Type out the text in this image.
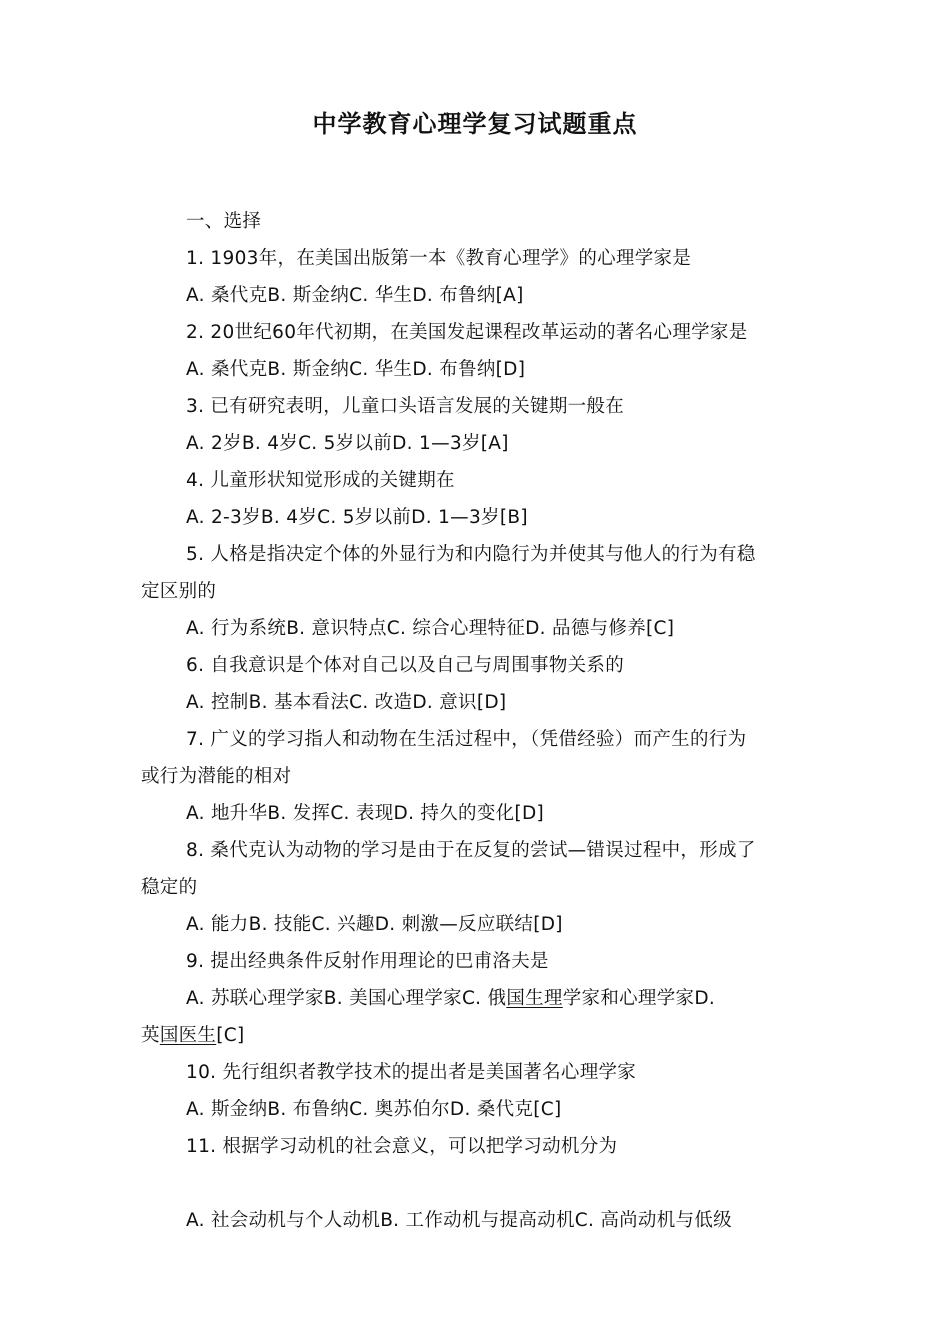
中学教育心理学复习试题重点
一、选择
1. 1903年，在美国出版第一本《教育心理学》的心理学家是
A. 桑代克B. 斯金纳C. 华生D. 布鲁纳[A]
2. 20世纪60年代初期，在美国发起课程改革运动的著名心理学家是
A. 桑代克B. 斯金纳C. 华生D. 布鲁纳[D]
3. 已有研究表明，儿童口头语言发展的关键期一般在
A. 2岁B. 4岁C. 5岁以前D. 1—3岁[A]
4. 儿童形状知觉形成的关键期在
A. 2-3岁B. 4岁C. 5岁以前D. 1—3岁[B]
5. 人格是指决定个体的外显行为和内隐行为并使其与他人的行为有稳
定区别的
A. 行为系统B. 意识特点C. 综合心理特征D. 品德与修养[C]
6. 自我意识是个体对自己以及自己与周围事物关系的
A. 控制B. 基本看法C. 改造D. 意识[D]
7. 广义的学习指人和动物在生活过程中，（凭借经验）而产生的行为
或行为潜能的相对
A. 地升华B. 发挥C. 表现D. 持久的变化[D]
8. 桑代克认为动物的学习是由于在反复的尝试—错误过程中，形成了
稳定的
A. 能力B. 技能C. 兴趣D. 刺激—反应联结[D]
9. 提出经典条件反射作用理论的巴甫洛夫是
A. 苏联心理学家B. 美国心理学家C. 俄国生理学家和心理学家D.
英国医生[C]
10. 先行组织者教学技术的提出者是美国著名心理学家
A. 斯金纳B. 布鲁纳C. 奥苏伯尔D. 桑代克[C]
11. 根据学习动机的社会意义，可以把学习动机分为
A. 社会动机与个人动机B. 工作动机与提高动机C. 高尚动机与低级
